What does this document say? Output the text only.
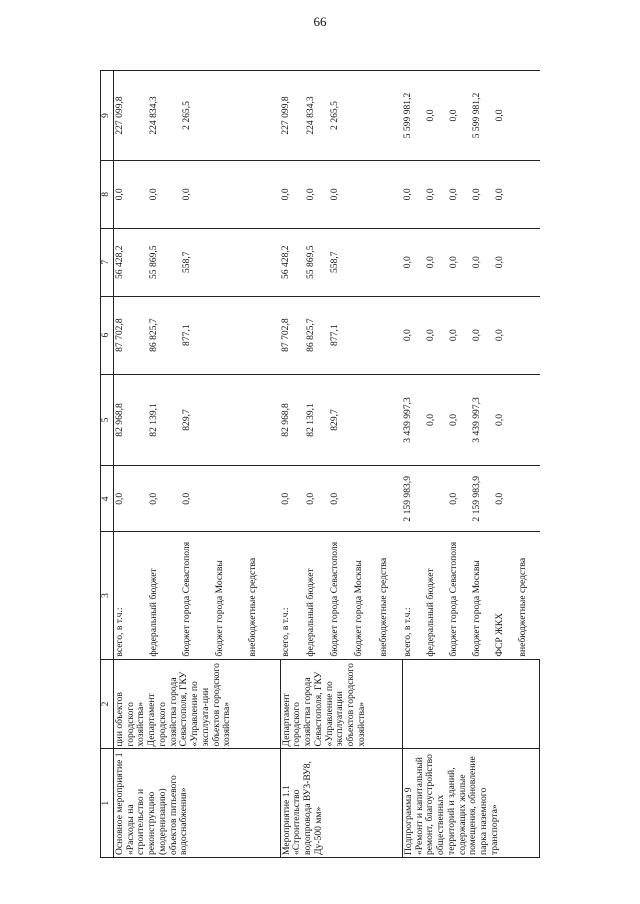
66
1	2	3	4	5	6	7	8	9
Основное мероприятие 1 «Расходы на строительство и реконструкцию (модернизацию) объектов питьевого водоснабжения»	ции объектов городского хозяйства» Департамент городского хозяйства города Севастополя, ГКУ «Управление по эксплуата-ции объектов городского хозяйства»	всего, в т.ч.:	0,0	82 968,8	87 702,8	56 428,2	0,0	227 099,8
		федеральный бюджет	0,0	82 139,1	86 825,7	55 869,5	0,0	224 834,3
		бюджет города Севастополя	0,0	829,7	877,1	558,7	0,0	2 265,5
		бюджет города Москвы						
		внебюджетные средства						
Мероприятие 1.1 «Строительство водопровода ВУ3-ВУ8, Ду-500 мм»	Департамент городского хозяйства города Севастополя, ГКУ «Управление по эксплуатации объектов городского хозяйства»	всего, в т.ч.:	0,0	82 968,8	87 702,8	56 428,2	0,0	227 099,8
		федеральный бюджет	0,0	82 139,1	86 825,7	55 869,5	0,0	224 834,3
		бюджет города Севастополя	0,0	829,7	877,1	558,7	0,0	2 265,5
		бюджет города Москвы						
		внебюджетные средства						
Подпрограмма 9 «Ремонт и капитальный ремонт, благоустройство общественных территорий и зданий, содержащих жилые помещения, обновление парка наземного транспорта»		всего, в т.ч.:	2 159 983,9	3 439 997,3	0,0	0,0	0,0	5 599 981,2
		федеральный бюджет		0,0	0,0	0,0	0,0	0,0
		бюджет города Севастополя	0,0	0,0	0,0	0,0	0,0	0,0
		бюджет города Москвы	2 159 983,9	3 439 997,3	0,0	0,0	0,0	5 599 981,2
		ФСР ЖКХ	0,0	0,0	0,0	0,0	0,0	0,0
		внебюджетные средства						
